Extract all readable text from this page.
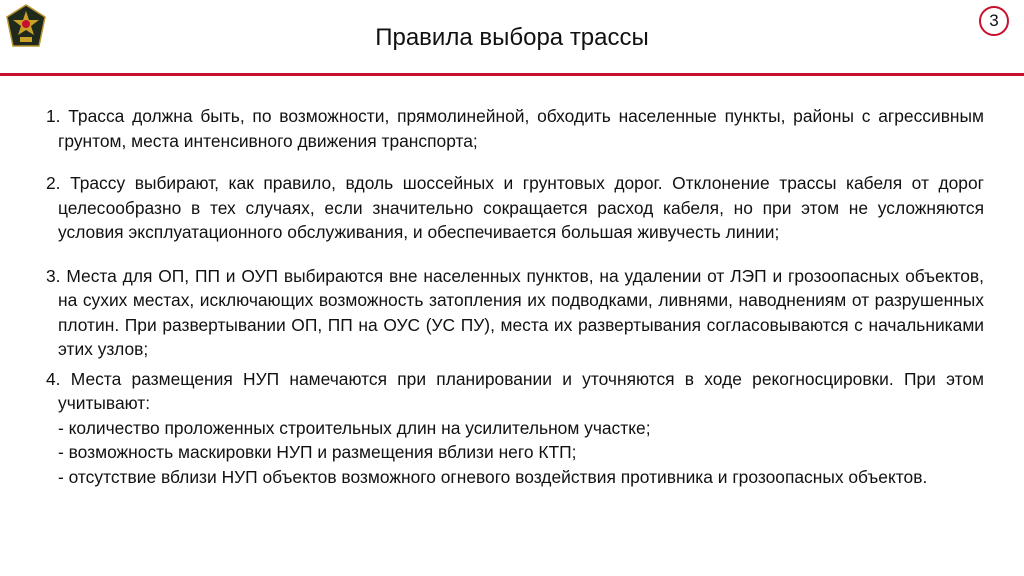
Правила выбора трассы
3

1. Трасса должна быть, по возможности, прямолинейной, обходить населенные пункты, районы с агрессивным грунтом, места интенсивного движения транспорта;

2. Трассу выбирают, как правило, вдоль шоссейных и грунтовых дорог. Отклонение трассы кабеля от дорог целесообразно в тех случаях, если значительно сокращается расход кабеля, но при этом не усложняются условия эксплуатационного обслуживания, и обеспечивается большая живучесть линии;

3. Места для ОП, ПП и ОУП выбираются вне населенных пунктов, на удалении от ЛЭП и грозоопасных объектов, на сухих местах, исключающих возможность затопления их подводками, ливнями, наводнениям от разрушенных плотин. При развертывании ОП, ПП на ОУС (УС ПУ), места их развертывания согласовываются с начальниками этих узлов;

4. Места размещения НУП намечаются при планировании и уточняются в ходе рекогносцировки. При этом учитывают:
- количество проложенных строительных длин на усилительном участке;
- возможность маскировки НУП и размещения вблизи него КТП;
- отсутствие вблизи НУП объектов возможного огневого воздействия противника и грозоопасных объектов.
